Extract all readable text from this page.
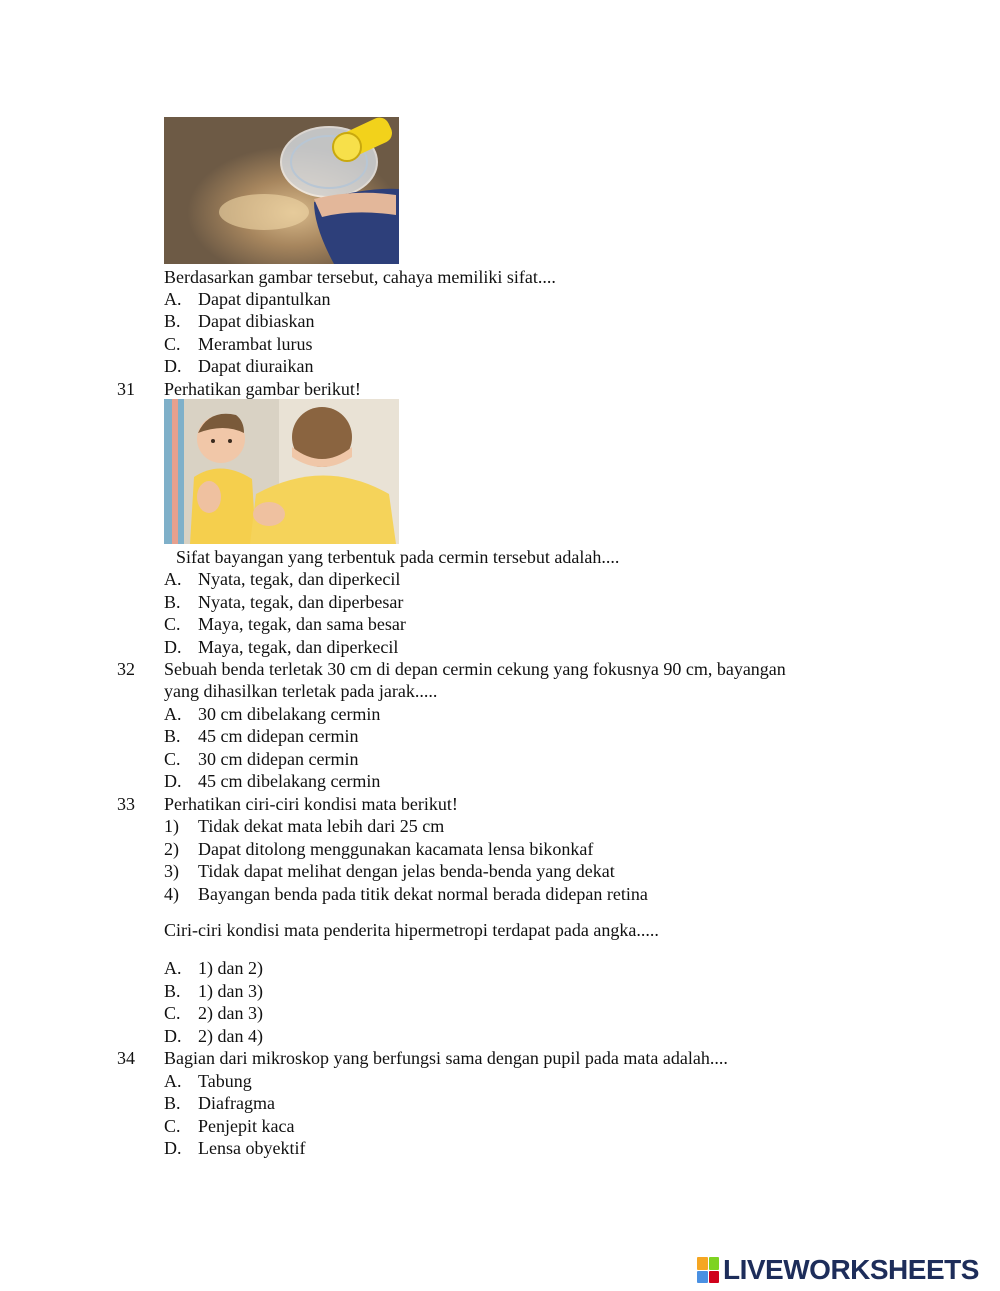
Berdasarkan gambar tersebut, cahaya memiliki sifat....
A. Dapat dipantulkan
B. Dapat dibiaskan
C. Merambat lurus
D. Dapat diuraikan
31 Perhatikan gambar berikut!
Sifat bayangan yang terbentuk pada cermin tersebut adalah....
A. Nyata, tegak, dan diperkecil
B. Nyata, tegak, dan diperbesar
C. Maya, tegak, dan sama besar
D. Maya, tegak, dan diperkecil
32 Sebuah benda terletak 30 cm di depan cermin cekung yang fokusnya 90 cm, bayangan
yang dihasilkan terletak pada jarak.....
A. 30 cm dibelakang cermin
B. 45 cm didepan cermin
C. 30 cm didepan cermin
D. 45 cm dibelakang cermin
33 Perhatikan ciri-ciri kondisi mata berikut!
1)	Tidak dekat mata lebih dari 25 cm
2)	Dapat ditolong menggunakan kacamata lensa bikonkaf
3)	Tidak dapat melihat dengan jelas benda-benda yang dekat
4)	Bayangan benda pada titik dekat normal berada didepan retina
Ciri-ciri kondisi mata penderita hipermetropi terdapat pada angka.....
A. 1) dan 2)
B. 1) dan 3)
C. 2) dan 3)
D. 2) dan 4)
34 Bagian dari mikroskop yang berfungsi sama dengan pupil pada mata adalah....
A. Tabung
B. Diafragma
C. Penjepit kaca
D. Lensa obyektif
LIVEWORKSHEETS
